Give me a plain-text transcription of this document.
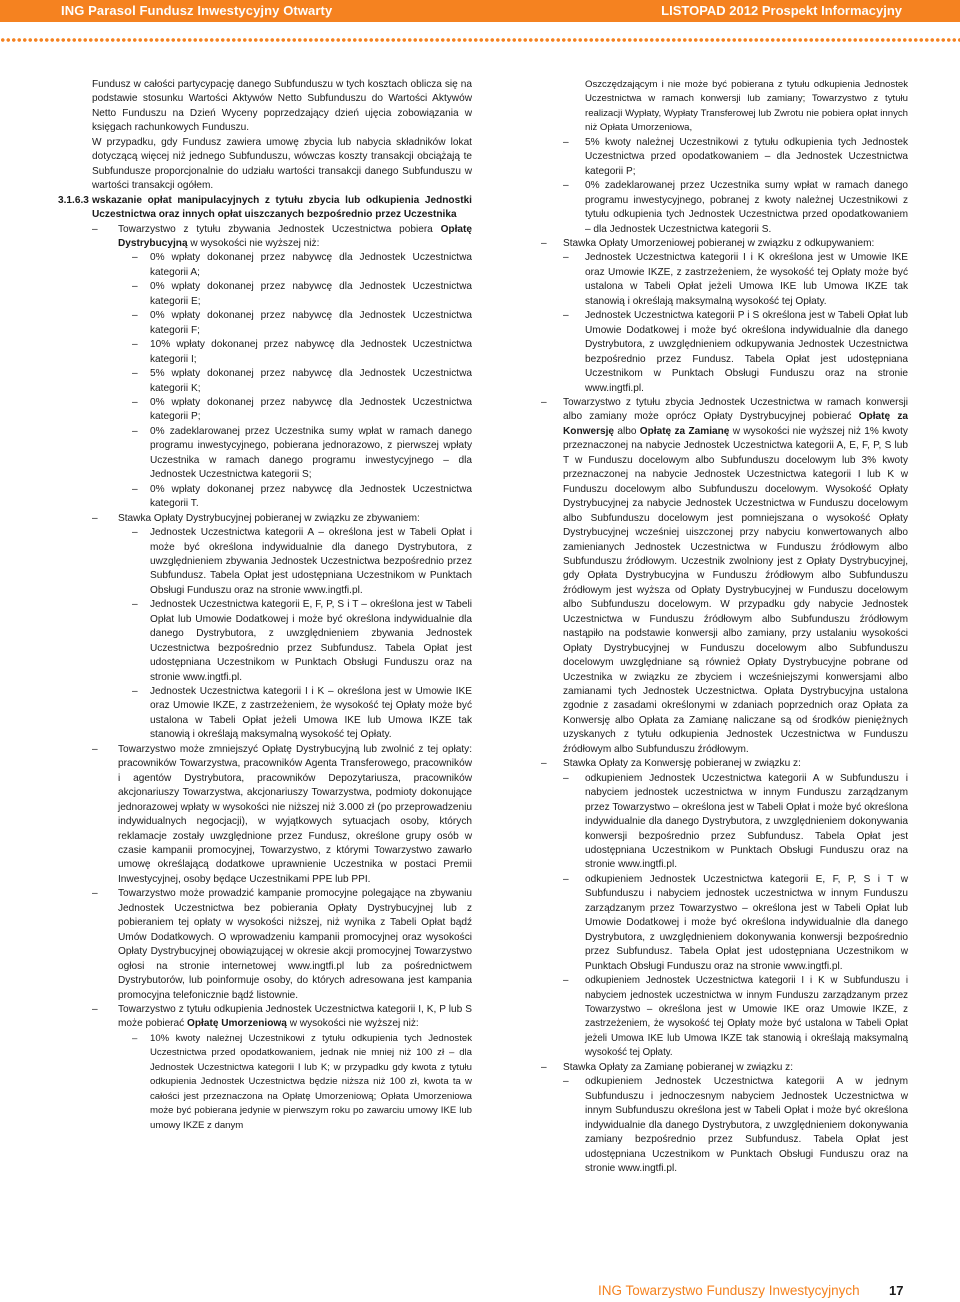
ING Parasol Fundusz Inwestycyjny Otwarty	LISTOPAD 2012 Prospekt Informacyjny

Fundusz w całości partycypację danego Subfunduszu w tych kosztach oblicza się na podstawie stosunku Wartości Aktywów Netto Subfunduszu do Wartości Aktywów Netto Funduszu na Dzień Wyceny poprzedzający dzień ujęcia zobowiązania w księgach rachunkowych Funduszu.

W przypadku, gdy Fundusz zawiera umowę zbycia lub nabycia składników lokat dotyczącą więcej niż jednego Subfunduszu, wówczas koszty transakcji obciążają te Subfundusze proporcjonalnie do udziału wartości transakcji danego Subfunduszu w wartości transakcji ogółem.

3.1.6.3 wskazanie opłat manipulacyjnych z tytułu zbycia lub odkupienia Jednostki Uczestnictwa oraz innych opłat uiszczanych bezpośrednio przez Uczestnika
–	Towarzystwo z tytułu zbywania Jednostek Uczestnictwa pobiera Opłatę Dystrybucyjną w wysokości nie wyższej niż:
– 0% wpłaty dokonanej przez nabywcę dla Jednostek Uczestnictwa kategorii A;
– 0% wpłaty dokonanej przez nabywcę dla Jednostek Uczestnictwa kategorii E;
– 0% wpłaty dokonanej przez nabywcę dla Jednostek Uczestnictwa kategorii F;
– 10% wpłaty dokonanej przez nabywcę dla Jednostek Uczestnictwa kategorii I;
– 5% wpłaty dokonanej przez nabywcę dla Jednostek Uczestnictwa kategorii K;
– 0% wpłaty dokonanej przez nabywcę dla Jednostek Uczestnictwa kategorii P;
– 0% zadeklarowanej przez Uczestnika sumy wpłat w ramach danego programu inwestycyjnego, pobierana jednorazowo, z pierwszej wpłaty Uczestnika w ramach danego programu inwestycyjnego – dla Jednostek Uczestnictwa kategorii S;
– 0% wpłaty dokonanej przez nabywcę dla Jednostek Uczestnictwa kategorii T.
–	Stawka Opłaty Dystrybucyjnej pobieranej w związku ze zbywaniem:
– Jednostek Uczestnictwa kategorii A – określona jest w Tabeli Opłat i może być określona indywidualnie dla danego Dystrybutora, z uwzględnieniem zbywania Jednostek Uczestnictwa bezpośrednio przez Subfundusz. Tabela Opłat jest udostępniana Uczestnikom w Punktach Obsługi Funduszu oraz na stronie www.ingtfi.pl.
– Jednostek Uczestnictwa kategorii E, F, P, S i T – określona jest w Tabeli Opłat lub Umowie Dodatkowej i może być określona indywidualnie dla danego Dystrybutora, z uwzględnieniem zbywania Jednostek Uczestnictwa bezpośrednio przez Subfundusz. Tabela Opłat jest udostępniana Uczestnikom w Punktach Obsługi Funduszu oraz na stronie www.ingtfi.pl.
– Jednostek Uczestnictwa kategorii I i K – określona jest w Umowie IKE oraz Umowie IKZE, z zastrzeżeniem, że wysokość tej Opłaty może być ustalona w Tabeli Opłat jeżeli Umowa IKE lub Umowa IKZE tak stanowią i określają maksymalną wysokość tej Opłaty.
–	Towarzystwo może zmniejszyć Opłatę Dystrybucyjną lub zwolnić z tej opłaty: pracowników Towarzystwa, pracowników Agenta Transferowego, pracowników i agentów Dystrybutora, pracowników Depozytariusza, pracowników akcjonariuszy Towarzystwa, akcjonariuszy Towarzystwa, podmioty dokonujące jednorazowej wpłaty w wysokości nie niższej niż 3.000 zł (po przeprowadzeniu indywidualnych negocjacji), w wyjątkowych sytuacjach osoby, których reklamacje zostały uwzględnione przez Fundusz, określone grupy osób w czasie kampanii promocyjnej, Towarzystwo, z którymi Towarzystwo zawarło umowę określającą dodatkowe uprawnienie Uczestnika w postaci Premii Inwestycyjnej, osoby będące Uczestnikami PPE lub PPI.
–	Towarzystwo może prowadzić kampanie promocyjne polegające na zbywaniu Jednostek Uczestnictwa bez pobierania Opłaty Dystrybucyjnej lub z pobieraniem tej opłaty w wysokości niższej, niż wynika z Tabeli Opłat bądź Umów Dodatkowych. O wprowadzeniu kampanii promocyjnej oraz wysokości Opłaty Dystrybucyjnej obowiązującej w okresie akcji promocyjnej Towarzystwo ogłosi na stronie internetowej www.ingtfi.pl lub za pośrednictwem Dystrybutorów, lub poinformuje osoby, do których adresowana jest kampania promocyjna telefonicznie bądź listownie.
–	Towarzystwo z tytułu odkupienia Jednostek Uczestnictwa kategorii I, K, P lub S może pobierać Opłatę Umorzeniową w wysokości nie wyższej niż:
– 10% kwoty należnej Uczestnikowi z tytułu odkupienia tych Jednostek Uczestnictwa przed opodatkowaniem, jednak nie mniej niż 100 zł – dla Jednostek Uczestnictwa kategorii I lub K; w przypadku gdy kwota z tytułu odkupienia Jednostek Uczestnictwa będzie niższa niż 100 zł, kwota ta w całości jest przeznaczona na Opłatę Umorzeniową; Opłata Umorzeniowa może być pobierana jedynie w pierwszym roku po zawarciu umowy IKE lub umowy IKZE z danym
Oszczędzającym i nie może być pobierana z tytułu odkupienia Jednostek Uczestnictwa w ramach konwersji lub zamiany; Towarzystwo z tytułu realizacji Wypłaty, Wypłaty Transferowej lub Zwrotu nie pobiera opłat innych niż Opłata Umorzeniowa,
– 5% kwoty należnej Uczestnikowi z tytułu odkupienia tych Jednostek Uczestnictwa przed opodatkowaniem – dla Jednostek Uczestnictwa kategorii P;
– 0% zadeklarowanej przez Uczestnika sumy wpłat w ramach danego programu inwestycyjnego, pobranej z kwoty należnej Uczestnikowi z tytułu odkupienia tych Jednostek Uczestnictwa przed opodatkowaniem – dla Jednostek Uczestnictwa kategorii S.
– Stawka Opłaty Umorzeniowej pobieranej w związku z odkupywaniem:
– Jednostek Uczestnictwa kategorii I i K określona jest w Umowie IKE oraz Umowie IKZE, z zastrzeżeniem, że wysokość tej Opłaty może być ustalona w Tabeli Opłat jeżeli Umowa IKE lub Umowa IKZE tak stanowią i określają maksymalną wysokość tej Opłaty.
– Jednostek Uczestnictwa kategorii P i S określona jest w Tabeli Opłat lub Umowie Dodatkowej i może być określona indywidualnie dla danego Dystrybutora, z uwzględnieniem odkupywania Jednostek Uczestnictwa bezpośrednio przez Fundusz. Tabela Opłat jest udostępniana Uczestnikom w Punktach Obsługi Funduszu oraz na stronie www.ingtfi.pl.
– Towarzystwo z tytułu zbycia Jednostek Uczestnictwa w ramach konwersji albo zamiany może oprócz Opłaty Dystrybucyjnej pobierać Opłatę za Konwersję albo Opłatę za Zamianę w wysokości nie wyższej niż 1% kwoty przeznaczonej na nabycie Jednostek Uczestnictwa kategorii A, E, F, P, S lub T w Funduszu docelowym albo Subfunduszu docelowym lub 3% kwoty przeznaczonej na nabycie Jednostek Uczestnictwa kategorii I lub K w Funduszu docelowym albo Subfunduszu docelowym. Wysokość Opłaty Dystrybucyjnej za nabycie Jednostek Uczestnictwa w Funduszu docelowym albo Subfunduszu docelowym jest pomniejszana o wysokość Opłaty Dystrybucyjnej wcześniej uiszczonej przy nabyciu konwertowanych albo zamienianych Jednostek Uczestnictwa w Funduszu źródłowym albo Subfunduszu źródłowym. Uczestnik zwolniony jest z Opłaty Dystrybucyjnej, gdy Opłata Dystrybucyjna w Funduszu źródłowym albo Subfunduszu źródłowym jest wyższa od Opłaty Dystrybucyjnej w Funduszu docelowym albo Subfunduszu docelowym. W przypadku gdy nabycie Jednostek Uczestnictwa w Funduszu źródłowym albo Subfunduszu źródłowym nastąpiło na podstawie konwersji albo zamiany, przy ustalaniu wysokości Opłaty Dystrybucyjnej w Funduszu docelowym albo Subfunduszu docelowym uwzględniane są również Opłaty Dystrybucyjne pobrane od Uczestnika w związku ze zbyciem i wcześniejszymi konwersjami albo zamianami tych Jednostek Uczestnictwa. Opłata Dystrybucyjna ustalona zgodnie z zasadami określonymi w zdaniach poprzednich oraz Opłata za Konwersję albo Opłata za Zamianę naliczane są od środków pieniężnych uzyskanych z tytułu odkupienia Jednostek Uczestnictwa w Funduszu źródłowym albo Subfunduszu źródłowym.
– Stawka Opłaty za Konwersję pobieranej w związku z:
– odkupieniem Jednostek Uczestnictwa kategorii A w Subfunduszu i nabyciem jednostek uczestnictwa w innym Funduszu zarządzanym przez Towarzystwo – określona jest w Tabeli Opłat i może być określona indywidualnie dla danego Dystrybutora, z uwzględnieniem dokonywania konwersji bezpośrednio przez Subfundusz. Tabela Opłat jest udostępniana Uczestnikom w Punktach Obsługi Funduszu oraz na stronie www.ingtfi.pl.
– odkupieniem Jednostek Uczestnictwa kategorii E, F, P, S i T w Subfunduszu i nabyciem jednostek uczestnictwa w innym Funduszu zarządzanym przez Towarzystwo – określona jest w Tabeli Opłat lub Umowie Dodatkowej i może być określona indywidualnie dla danego Dystrybutora, z uwzględnieniem dokonywania konwersji bezpośrednio przez Subfundusz. Tabela Opłat jest udostępniana Uczestnikom w Punktach Obsługi Funduszu oraz na stronie www.ingtfi.pl.
– odkupieniem Jednostek Uczestnictwa kategorii I i K w Subfunduszu i nabyciem jednostek uczestnictwa w innym Funduszu zarządzanym przez Towarzystwo – określona jest w Umowie IKE oraz Umowie IKZE, z zastrzeżeniem, że wysokość tej Opłaty może być ustalona w Tabeli Opłat jeżeli Umowa IKE lub Umowa IKZE tak stanowią i określają maksymalną wysokość tej Opłaty.
– Stawka Opłaty za Zamianę pobieranej w związku z:
– odkupieniem Jednostek Uczestnictwa kategorii A w jednym Subfunduszu i jednoczesnym nabyciem Jednostek Uczestnictwa w innym Subfunduszu określona jest w Tabeli Opłat i może być określona indywidualnie dla danego Dystrybutora, z uwzględnieniem dokonywania zamiany bezpośrednio przez Subfundusz. Tabela Opłat jest udostępniana Uczestnikom w Punktach Obsługi Funduszu oraz na stronie www.ingtfi.pl.
ING Towarzystwo Funduszy Inwestycyjnych 17
